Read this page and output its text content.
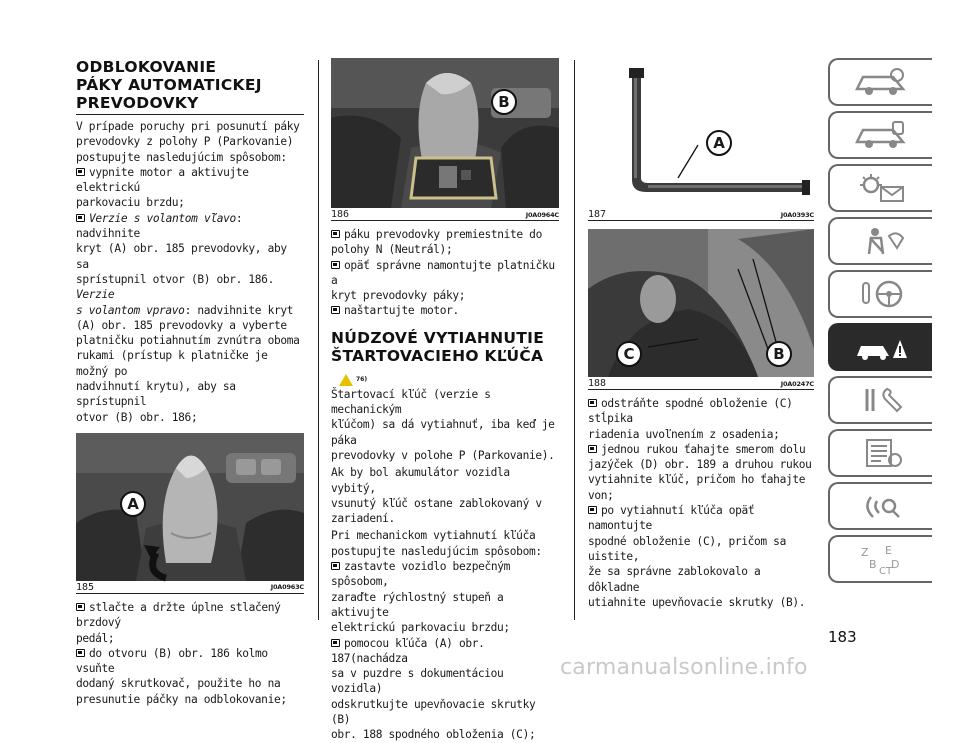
ODBLOKOVANIE
PÁKY AUTOMATICKEJ
PREVODOVKY
V prípade poruchy pri posunutí páky
prevodovky z polohy P (Parkovanie)
postupujte nasledujúcim spôsobom:
vypnite motor a aktivujte elektrickú
parkovaciu brzdu;
Verzie s volantom vľavo: nadvihnite
kryt (A) obr. 185 prevodovky, aby sa
sprístupnil otvor (B) obr. 186. Verzie
s volantom vpravo: nadvihnite kryt
(A) obr. 185 prevodovky a vyberte
platničku potiahnutím zvnútra oboma
rukami (prístup k platničke je možný po
nadvihnutí krytu), aby sa sprístupnil
otvor (B) obr. 186;
A
185	J0A0963C
stlačte a držte úplne stlačený brzdový
pedál;
do otvoru (B) obr. 186 kolmo vsuňte
dodaný skrutkovač, použite ho na
presunutie páčky na odblokovanie;
B
186	J0A0964C
páku prevodovky premiestnite do
polohy N (Neutrál);
opäť správne namontujte platničku a
kryt prevodovky páky;
naštartujte motor.
NÚDZOVÉ VYTIAHNUTIE
ŠTARTOVACIEHO KĽÚČA
76)
Štartovací kľúč (verzie s mechanickým
kľúčom) sa dá vytiahnuť, iba keď je páka
prevodovky v polohe P (Parkovanie).
Ak by bol akumulátor vozidla vybitý,
vsunutý kľúč ostane zablokovaný v
zariadení.
Pri mechanickom vytiahnutí kľúča
postupujte nasledujúcim spôsobom:
zastavte vozidlo bezpečným spôsobom,
zaraďte rýchlostný stupeň a aktivujte
elektrickú parkovaciu brzdu;
pomocou kľúča (A) obr. 187(nachádza
sa v puzdre s dokumentáciou vozidla)
odskrutkujte upevňovacie skrutky (B)
obr. 188 spodného obloženia (C);
A
187	J0A0393C
C	B
188	J0A0247C
odstráňte spodné obloženie (C) stĺpika
riadenia uvoľnením z osadenia;
jednou rukou ťahajte smerom dolu
jazýček (D) obr. 189 a druhou rukou
vytiahnite kľúč, pričom ho ťahajte von;
po vytiahnutí kľúča opäť namontujte
spodné obloženie (C), pričom sa uistite,
že sa správne zablokovalo a dôkladne
utiahnite upevňovacie skrutky (B).
Z E
B D
CT
183
carmanualsonline.info
